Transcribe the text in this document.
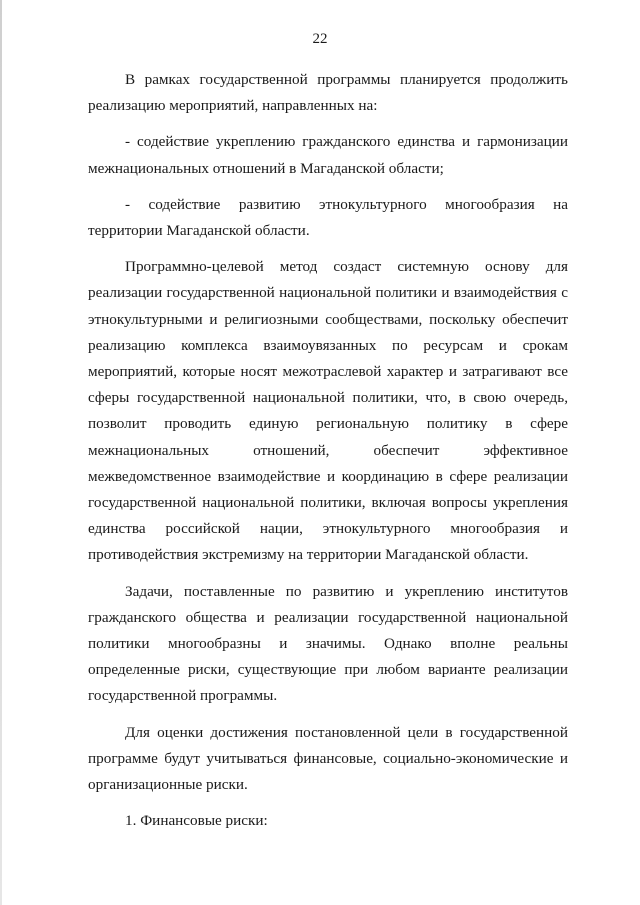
22

В рамках государственной программы планируется продолжить реализацию мероприятий, направленных на:

- содействие укреплению гражданского единства и гармонизации межнациональных отношений в Магаданской области;

- содействие развитию этнокультурного многообразия на территории Магаданской области.

Программно-целевой метод создаст системную основу для реализации государственной национальной политики и взаимодействия с этнокультурными и религиозными сообществами, поскольку обеспечит реализацию комплекса взаимоувязанных по ресурсам и срокам мероприятий, которые носят межотраслевой характер и затрагивают все сферы государственной национальной политики, что, в свою очередь, позволит проводить единую региональную политику в сфере межнациональных отношений, обеспечит эффективное межведомственное взаимодействие и координацию в сфере реализации государственной национальной политики, включая вопросы укрепления единства российской нации, этнокультурного многообразия и противодействия экстремизму на территории Магаданской области.

Задачи, поставленные по развитию и укреплению институтов гражданского общества и реализации государственной национальной политики многообразны и значимы. Однако вполне реальны определенные риски, существующие при любом варианте реализации государственной программы.

Для оценки достижения постановленной цели в государственной программе будут учитываться финансовые, социально-экономические и организационные риски.

1. Финансовые риски:
